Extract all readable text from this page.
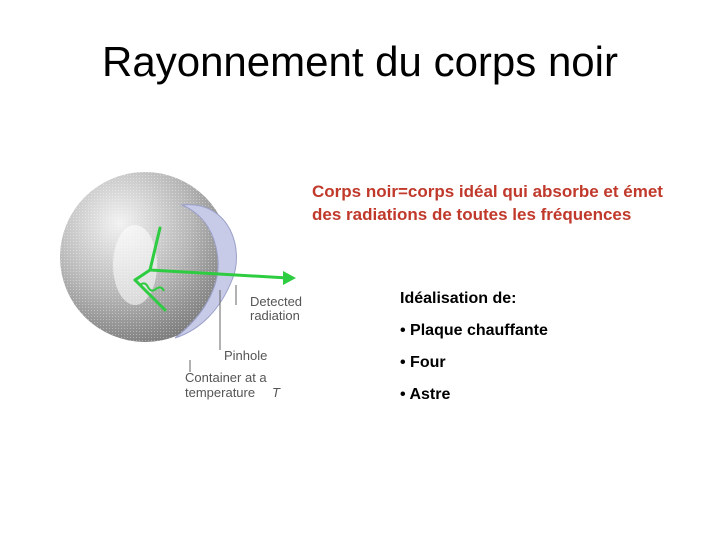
Rayonnement du corps noir
Corps noir=corps idéal qui absorbe et émet
des radiations de toutes les fréquences
Detected
radiation
Pinhole
Container at a
temperature T
Idéalisation de:
• Plaque chauffante
• Four
• Astre
